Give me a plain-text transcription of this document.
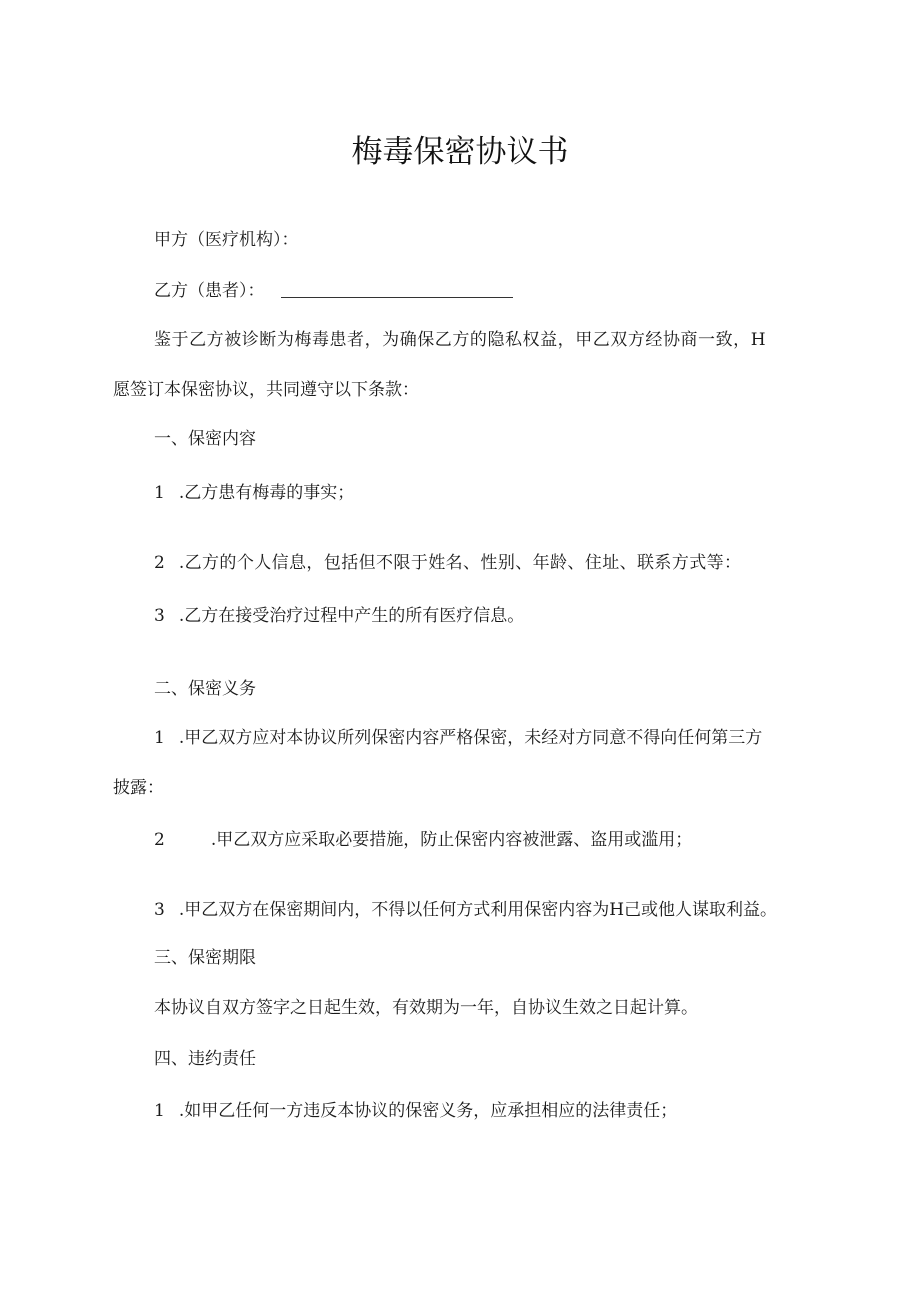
梅毒保密协议书
甲方（医疗机构）：
乙方（患者）：
鉴于乙方被诊断为梅毒患者，为确保乙方的隐私权益，甲乙双方经协商一致，H
愿签订本保密协议，共同遵守以下条款：
一、保密内容
1 .乙方患有梅毒的事实；
2 .乙方的个人信息，包括但不限于姓名、性别、年龄、住址、联系方式等：
3 .乙方在接受治疗过程中产生的所有医疗信息。
二、保密义务
1 .甲乙双方应对本协议所列保密内容严格保密，未经对方同意不得向任何第三方
披露：
2	.甲乙双方应采取必要措施，防止保密内容被泄露、盗用或滥用；
3 .甲乙双方在保密期间内，不得以任何方式利用保密内容为H己或他人谋取利益。
三、保密期限
本协议自双方签字之日起生效，有效期为一年，自协议生效之日起计算。
四、违约责任
1 .如甲乙任何一方违反本协议的保密义务，应承担相应的法律责任；
